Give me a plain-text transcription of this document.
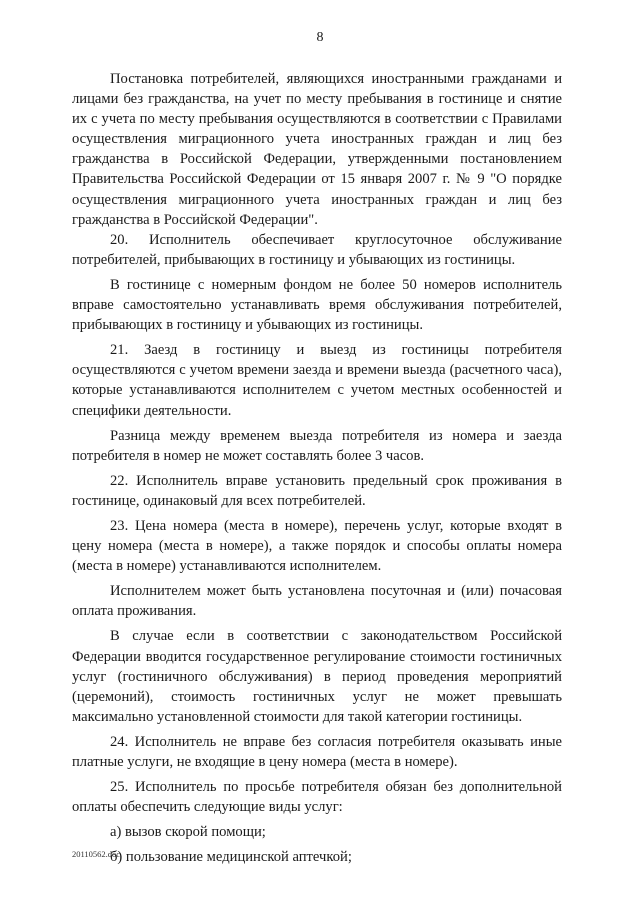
8

Постановка потребителей, являющихся иностранными гражданами и лицами без гражданства, на учет по месту пребывания в гостинице и снятие их с учета по месту пребывания осуществляются в соответствии с Правилами осуществления миграционного учета иностранных граждан и лиц без гражданства в Российской Федерации, утвержденными постановлением Правительства Российской Федерации от 15 января 2007 г. № 9 "О порядке осуществления миграционного учета иностранных граждан и лиц без гражданства в Российской Федерации".

20. Исполнитель обеспечивает круглосуточное обслуживание потребителей, прибывающих в гостиницу и убывающих из гостиницы.

В гостинице с номерным фондом не более 50 номеров исполнитель вправе самостоятельно устанавливать время обслуживания потребителей, прибывающих в гостиницу и убывающих из гостиницы.

21. Заезд в гостиницу и выезд из гостиницы потребителя осуществляются с учетом времени заезда и времени выезда (расчетного часа), которые устанавливаются исполнителем с учетом местных особенностей и специфики деятельности.

Разница между временем выезда потребителя из номера и заезда потребителя в номер не может составлять более 3 часов.

22. Исполнитель вправе установить предельный срок проживания в гостинице, одинаковый для всех потребителей.

23. Цена номера (места в номере), перечень услуг, которые входят в цену номера (места в номере), а также порядок и способы оплаты номера (места в номере) устанавливаются исполнителем.

Исполнителем может быть установлена посуточная и (или) почасовая оплата проживания.

В случае если в соответствии с законодательством Российской Федерации вводится государственное регулирование стоимости гостиничных услуг (гостиничного обслуживания) в период проведения мероприятий (церемоний), стоимость гостиничных услуг не может превышать максимально установленной стоимости для такой категории гостиницы.

24. Исполнитель не вправе без согласия потребителя оказывать иные платные услуги, не входящие в цену номера (места в номере).

25. Исполнитель по просьбе потребителя обязан без дополнительной оплаты обеспечить следующие виды услуг:

а) вызов скорой помощи;

б) пользование медицинской аптечкой;

20110562.doc
